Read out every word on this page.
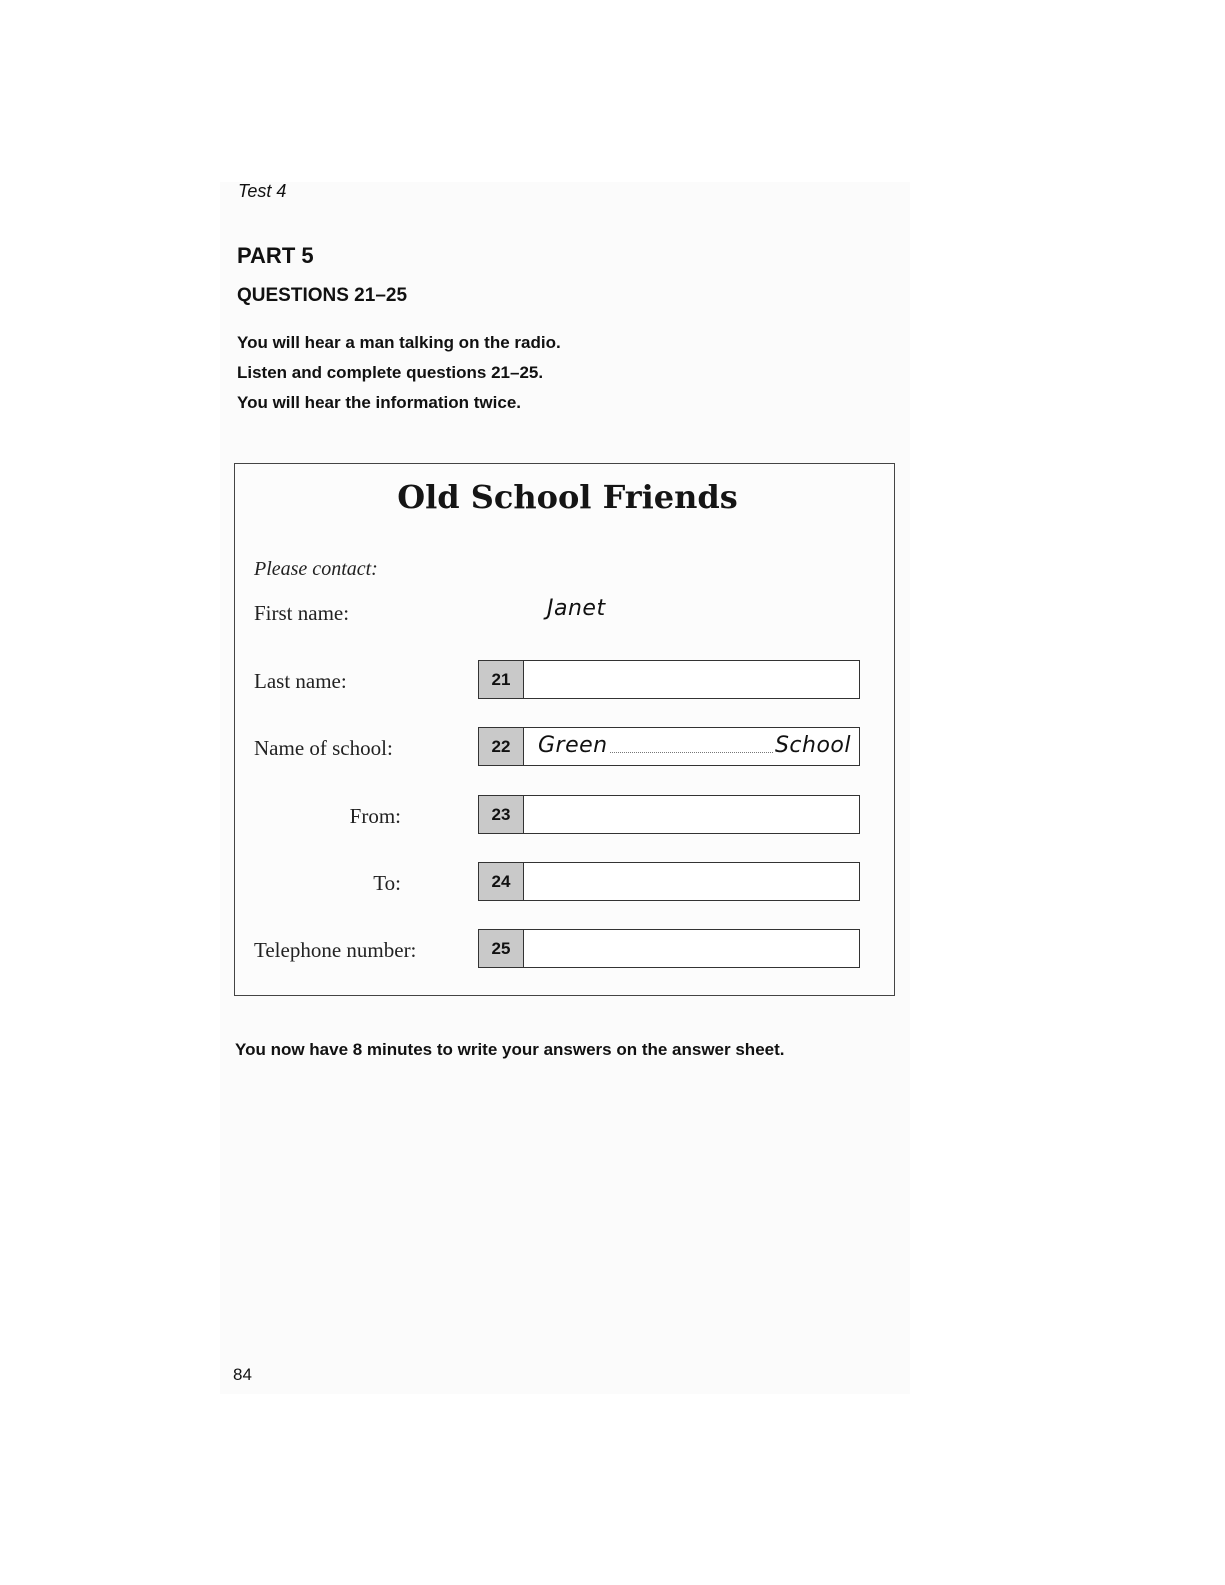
Test 4
PART 5
QUESTIONS 21–25
You will hear a man talking on the radio.
Listen and complete questions 21–25.
You will hear the information twice.
Old School Friends
Please contact:
First name:	Janet
Last name:	21
Name of school:	22	Green	School
From:	23
To:	24
Telephone number:	25

You now have 8 minutes to write your answers on the answer sheet.

84
